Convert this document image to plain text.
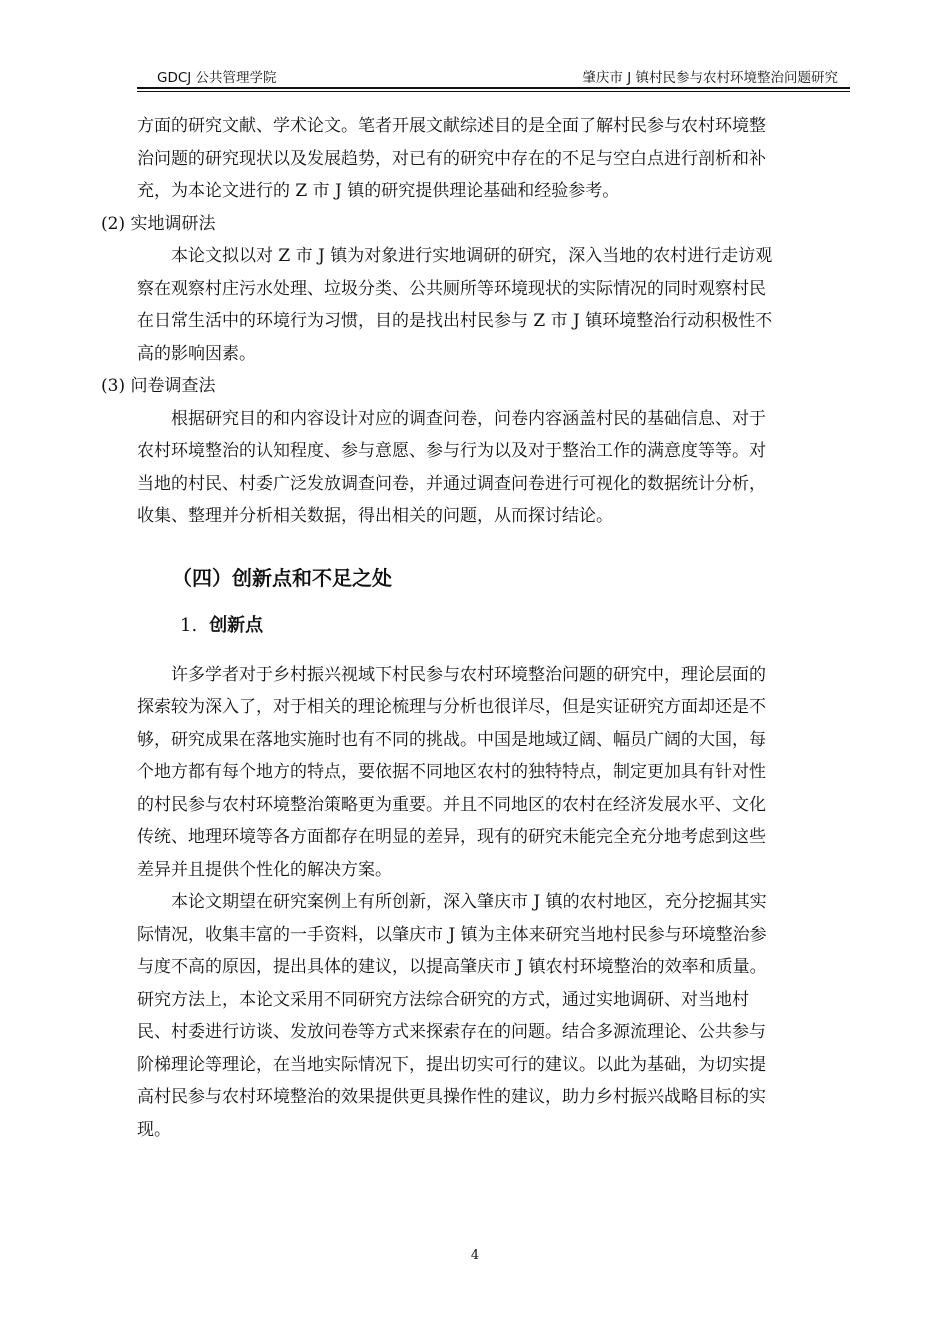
GDCJ 公共管理学院	肇庆市 J 镇村民参与农村环境整治问题研究
方面的研究文献、学术论文。笔者开展文献综述目的是全面了解村民参与农村环境整
治问题的研究现状以及发展趋势，对已有的研究中存在的不足与空白点进行剖析和补
充，为本论文进行的 Z 市 J 镇的研究提供理论基础和经验参考。
(2) 实地调研法
本论文拟以对 Z 市 J 镇为对象进行实地调研的研究，深入当地的农村进行走访观
察在观察村庄污水处理、垃圾分类、公共厕所等环境现状的实际情况的同时观察村民
在日常生活中的环境行为习惯，目的是找出村民参与 Z 市 J 镇环境整治行动积极性不
高的影响因素。
(3) 问卷调查法
根据研究目的和内容设计对应的调查问卷，问卷内容涵盖村民的基础信息、对于
农村环境整治的认知程度、参与意愿、参与行为以及对于整治工作的满意度等等。对
当地的村民、村委广泛发放调查问卷，并通过调查问卷进行可视化的数据统计分析，
收集、整理并分析相关数据，得出相关的问题，从而探讨结论。
（四）创新点和不足之处
1. 创新点
许多学者对于乡村振兴视域下村民参与农村环境整治问题的研究中，理论层面的
探索较为深入了，对于相关的理论梳理与分析也很详尽，但是实证研究方面却还是不
够，研究成果在落地实施时也有不同的挑战。中国是地域辽阔、幅员广阔的大国，每
个地方都有每个地方的特点，要依据不同地区农村的独特特点，制定更加具有针对性
的村民参与农村环境整治策略更为重要。并且不同地区的农村在经济发展水平、文化
传统、地理环境等各方面都存在明显的差异，现有的研究未能完全充分地考虑到这些
差异并且提供个性化的解决方案。
本论文期望在研究案例上有所创新，深入肇庆市 J 镇的农村地区，充分挖掘其实
际情况，收集丰富的一手资料，以肇庆市 J 镇为主体来研究当地村民参与环境整治参
与度不高的原因，提出具体的建议，以提高肇庆市 J 镇农村环境整治的效率和质量。
研究方法上，本论文采用不同研究方法综合研究的方式，通过实地调研、对当地村
民、村委进行访谈、发放问卷等方式来探索存在的问题。结合多源流理论、公共参与
阶梯理论等理论，在当地实际情况下，提出切实可行的建议。以此为基础，为切实提
高村民参与农村环境整治的效果提供更具操作性的建议，助力乡村振兴战略目标的实
现。
4
